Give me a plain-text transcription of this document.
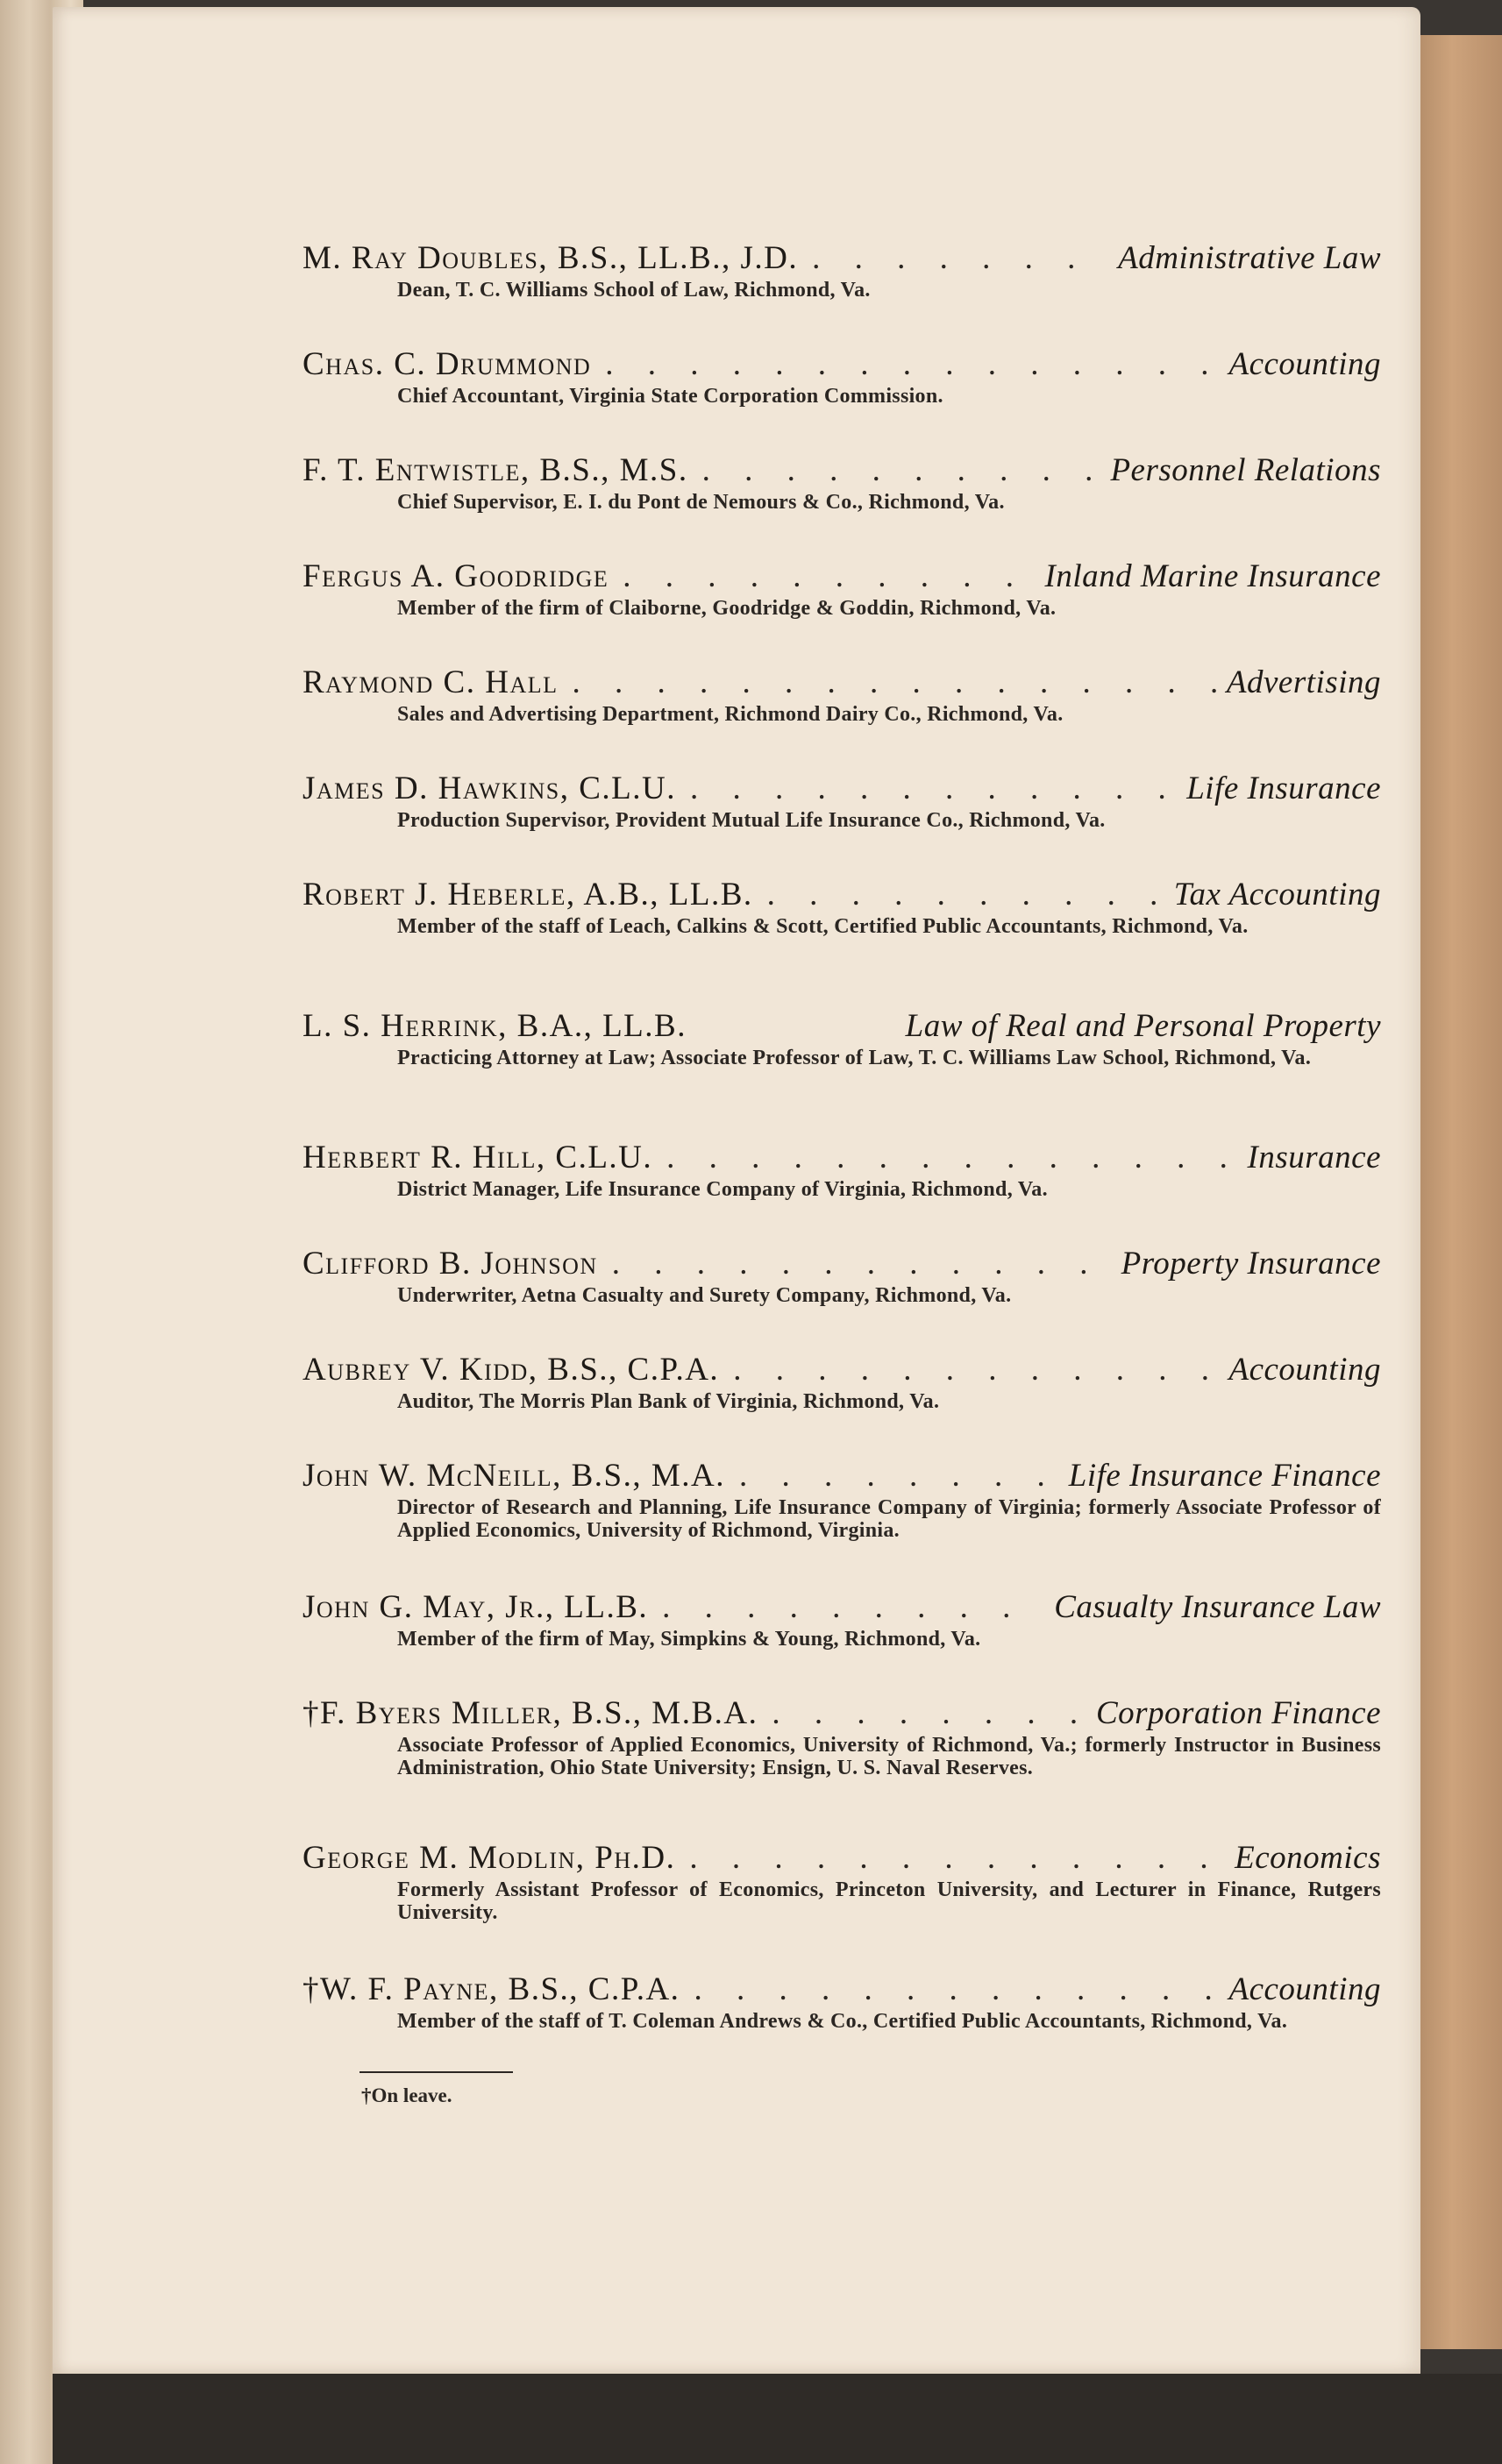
M. Ray Doubles, B.S., LL.B., J.D. . . .	Administrative Law
Dean, T. C. Williams School of Law, Richmond, Va.
Chas. C. Drummond . . .	Accounting
Chief Accountant, Virginia State Corporation Commission.
F. T. Entwistle, B.S., M.S. . . .	Personnel Relations
Chief Supervisor, E. I. du Pont de Nemours & Co., Richmond, Va.
Fergus A. Goodridge . . .	Inland Marine Insurance
Member of the firm of Claiborne, Goodridge & Goddin, Richmond, Va.
Raymond C. Hall . . .	Advertising
Sales and Advertising Department, Richmond Dairy Co., Richmond, Va.
James D. Hawkins, C.L.U. . . .	Life Insurance
Production Supervisor, Provident Mutual Life Insurance Co., Richmond, Va.
Robert J. Heberle, A.B., LL.B. . . .	Tax Accounting
Member of the staff of Leach, Calkins & Scott, Certified Public Accountants, Richmond, Va.
L. S. Herrink, B.A., LL.B.	Law of Real and Personal Property
Practicing Attorney at Law; Associate Professor of Law, T. C. Williams Law School, Richmond, Va.
Herbert R. Hill, C.L.U. . . .	Insurance
District Manager, Life Insurance Company of Virginia, Richmond, Va.
Clifford B. Johnson . . .	Property Insurance
Underwriter, Aetna Casualty and Surety Company, Richmond, Va.
Aubrey V. Kidd, B.S., C.P.A. . . .	Accounting
Auditor, The Morris Plan Bank of Virginia, Richmond, Va.
John W. McNeill, B.S., M.A. . . .	Life Insurance Finance
Director of Research and Planning, Life Insurance Company of Virginia; formerly Associate Professor of Applied Economics, University of Richmond, Virginia.
John G. May, Jr., LL.B. . . .	Casualty Insurance Law
Member of the firm of May, Simpkins & Young, Richmond, Va.
†F. Byers Miller, B.S., M.B.A. . . .	Corporation Finance
Associate Professor of Applied Economics, University of Richmond, Va.; formerly Instructor in Business Administration, Ohio State University; Ensign, U. S. Naval Reserves.
George M. Modlin, Ph.D. . . .	Economics
Formerly Assistant Professor of Economics, Princeton University, and Lecturer in Finance, Rutgers University.
†W. F. Payne, B.S., C.P.A. . . .	Accounting
Member of the staff of T. Coleman Andrews & Co., Certified Public Accountants, Richmond, Va.
†On leave.
